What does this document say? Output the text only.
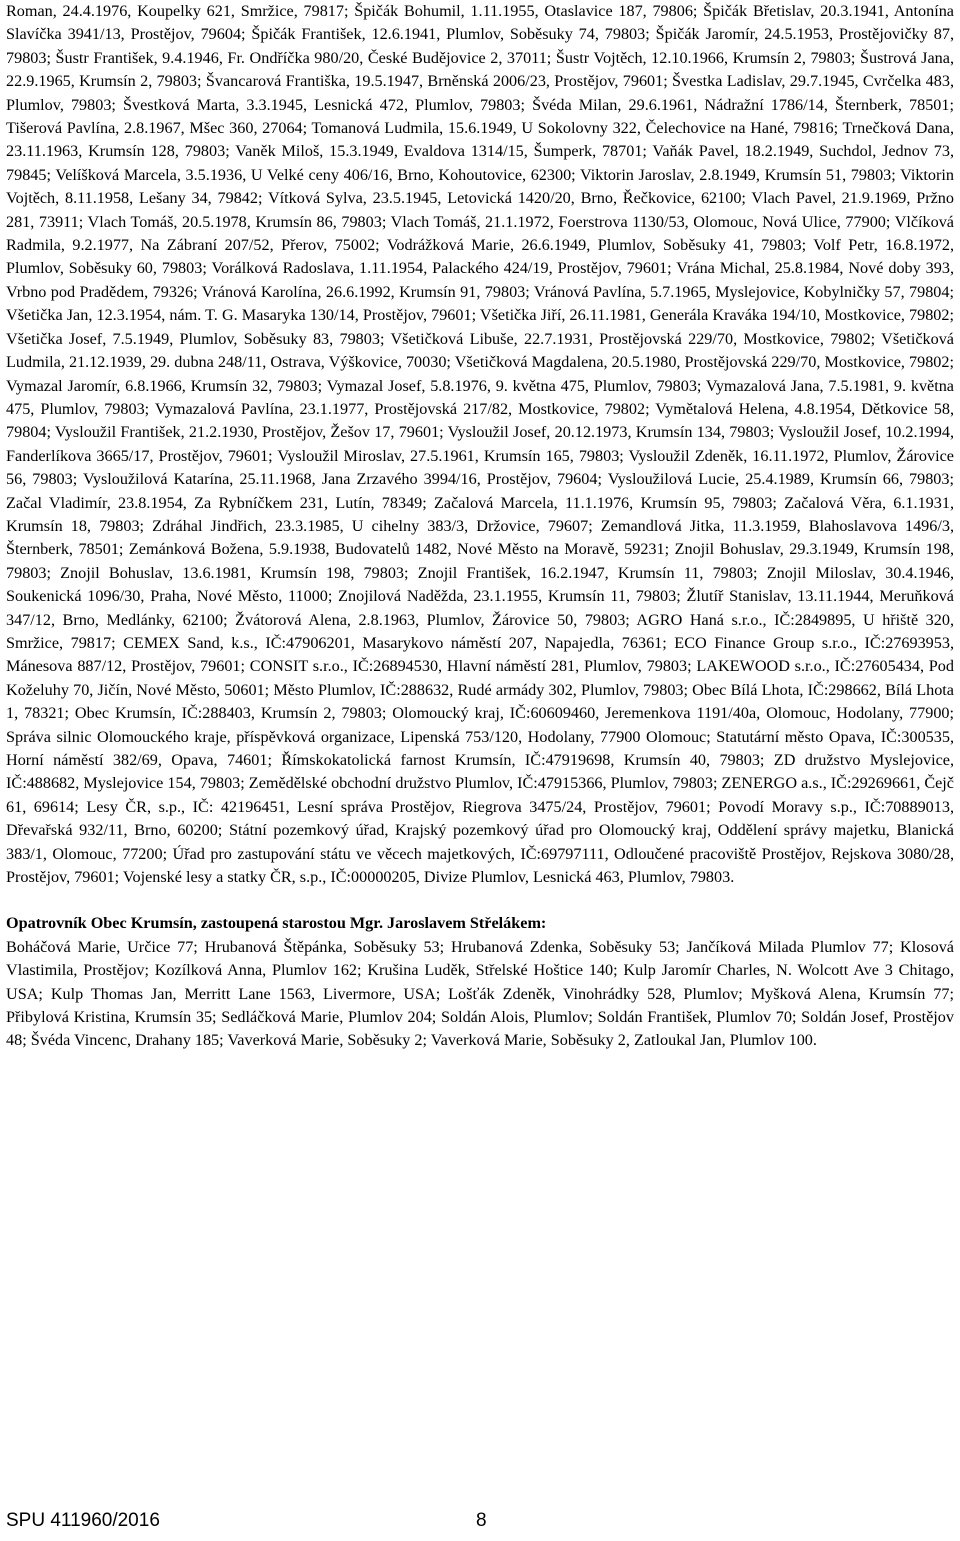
Roman, 24.4.1976, Koupelky 621, Smržice, 79817; Špičák Bohumil, 1.11.1955, Otaslavice 187, 79806; Špičák Břetislav, 20.3.1941, Antonína Slavíčka 3941/13, Prostějov, 79604; Špičák František, 12.6.1941, Plumlov, Soběsuky 74, 79803; Špičák Jaromír, 24.5.1953, Prostějovičky 87, 79803; Šustr František, 9.4.1946, Fr. Ondříčka 980/20, České Budějovice 2, 37011; Šustr Vojtěch, 12.10.1966, Krumsín 2, 79803; Šustrová Jana, 22.9.1965, Krumsín 2, 79803; Švancarová Františka, 19.5.1947, Brněnská 2006/23, Prostějov, 79601; Švestka Ladislav, 29.7.1945, Cvrčelka 483, Plumlov, 79803; Švestková Marta, 3.3.1945, Lesnická 472, Plumlov, 79803; Švéda Milan, 29.6.1961, Nádražní 1786/14, Šternberk, 78501; Tišerová Pavlína, 2.8.1967, Mšec 360, 27064; Tomanová Ludmila, 15.6.1949, U Sokolovny 322, Čelechovice na Hané, 79816; Trnečková Dana, 23.11.1963, Krumsín 128, 79803; Vaněk Miloš, 15.3.1949, Evaldova 1314/15, Šumperk, 78701; Vaňák Pavel, 18.2.1949, Suchdol, Jednov 73, 79845; Velíšková Marcela, 3.5.1936, U Velké ceny 406/16, Brno, Kohoutovice, 62300; Viktorin Jaroslav, 2.8.1949, Krumsín 51, 79803; Viktorin Vojtěch, 8.11.1958, Lešany 34, 79842; Vítková Sylva, 23.5.1945, Letovická 1420/20, Brno, Řečkovice, 62100; Vlach Pavel, 21.9.1969, Pržno 281, 73911; Vlach Tomáš, 20.5.1978, Krumsín 86, 79803; Vlach Tomáš, 21.1.1972, Foerstrova 1130/53, Olomouc, Nová Ulice, 77900; Vlčíková Radmila, 9.2.1977, Na Zábraní 207/52, Přerov, 75002; Vodrážková Marie, 26.6.1949, Plumlov, Soběsuky 41, 79803; Volf Petr, 16.8.1972, Plumlov, Soběsuky 60, 79803; Vorálková Radoslava, 1.11.1954, Palackého 424/19, Prostějov, 79601; Vrána Michal, 25.8.1984, Nové doby 393, Vrbno pod Pradědem, 79326; Vránová Karolína, 26.6.1992, Krumsín 91, 79803; Vránová Pavlína, 5.7.1965, Myslejovice, Kobylničky 57, 79804; Všetička Jan, 12.3.1954, nám. T. G. Masaryka 130/14, Prostějov, 79601; Všetička Jiří, 26.11.1981, Generála Kraváka 194/10, Mostkovice, 79802; Všetička Josef, 7.5.1949, Plumlov, Soběsuky 83, 79803; Všetičková Libuše, 22.7.1931, Prostějovská 229/70, Mostkovice, 79802; Všetičková Ludmila, 21.12.1939, 29. dubna 248/11, Ostrava, Výškovice, 70030; Všetičková Magdalena, 20.5.1980, Prostějovská 229/70, Mostkovice, 79802; Vymazal Jaromír, 6.8.1966, Krumsín 32, 79803; Vymazal Josef, 5.8.1976, 9. května 475, Plumlov, 79803; Vymazalová Jana, 7.5.1981, 9. května 475, Plumlov, 79803; Vymazalová Pavlína, 23.1.1977, Prostějovská 217/82, Mostkovice, 79802; Vymětalová Helena, 4.8.1954, Dětkovice 58, 79804; Vysloužil František, 21.2.1930, Prostějov, Žešov 17, 79601; Vysloužil Josef, 20.12.1973, Krumsín 134, 79803; Vysloužil Josef, 10.2.1994, Fanderlíkova 3665/17, Prostějov, 79601; Vysloužil Miroslav, 27.5.1961, Krumsín 165, 79803; Vysloužil Zdeněk, 16.11.1972, Plumlov, Žárovice 56, 79803; Vysloužilová Katarína, 25.11.1968, Jana Zrzavého 3994/16, Prostějov, 79604; Vysloužilová Lucie, 25.4.1989, Krumsín 66, 79803; Začal Vladimír, 23.8.1954, Za Rybníčkem 231, Lutín, 78349; Začalová Marcela, 11.1.1976, Krumsín 95, 79803; Začalová Věra, 6.1.1931, Krumsín 18, 79803; Zdráhal Jindřich, 23.3.1985, U cihelny 383/3, Držovice, 79607; Zemandlová Jitka, 11.3.1959, Blahoslavova 1496/3, Šternberk, 78501; Zemánková Božena, 5.9.1938, Budovatelů 1482, Nové Město na Moravě, 59231; Znojil Bohuslav, 29.3.1949, Krumsín 198, 79803; Znojil Bohuslav, 13.6.1981, Krumsín 198, 79803; Znojil František, 16.2.1947, Krumsín 11, 79803; Znojil Miloslav, 30.4.1946, Soukenická 1096/30, Praha, Nové Město, 11000; Znojilová Naděžda, 23.1.1955, Krumsín 11, 79803; Žlutíř Stanislav, 13.11.1944, Meruňková 347/12, Brno, Medlánky, 62100; Žvátorová Alena, 2.8.1963, Plumlov, Žárovice 50, 79803; AGRO Haná s.r.o., IČ:2849895, U hřiště 320, Smržice, 79817; CEMEX Sand, k.s., IČ:47906201, Masarykovo náměstí 207, Napajedla, 76361; ECO Finance Group s.r.o., IČ:27693953, Mánesova 887/12, Prostějov, 79601; CONSIT s.r.o., IČ:26894530, Hlavní náměstí 281, Plumlov, 79803; LAKEWOOD s.r.o., IČ:27605434, Pod Koželuhy 70, Jičín, Nové Město, 50601; Město Plumlov, IČ:288632, Rudé armády 302, Plumlov, 79803; Obec Bílá Lhota, IČ:298662, Bílá Lhota 1, 78321; Obec Krumsín, IČ:288403, Krumsín 2, 79803; Olomoucký kraj, IČ:60609460, Jeremenkova 1191/40a, Olomouc, Hodolany, 77900; Správa silnic Olomouckého kraje, příspěvková organizace, Lipenská 753/120, Hodolany, 77900 Olomouc; Statutární město Opava, IČ:300535, Horní náměstí 382/69, Opava, 74601; Římskokatolická farnost Krumsín, IČ:47919698, Krumsín 40, 79803; ZD družstvo Myslejovice, IČ:488682, Myslejovice 154, 79803; Zemědělské obchodní družstvo Plumlov, IČ:47915366, Plumlov, 79803; ZENERGO a.s., IČ:29269661, Čejč 61, 69614; Lesy ČR, s.p., IČ: 42196451, Lesní správa Prostějov, Riegrova 3475/24, Prostějov, 79601; Povodí Moravy s.p., IČ:70889013, Dřevařská 932/11, Brno, 60200; Státní pozemkový úřad, Krajský pozemkový úřad pro Olomoucký kraj, Oddělení správy majetku, Blanická 383/1, Olomouc, 77200; Úřad pro zastupování státu ve věcech majetkových, IČ:69797111, Odloučené pracoviště Prostějov, Rejskova 3080/28, Prostějov, 79601; Vojenské lesy a statky ČR, s.p., IČ:00000205, Divize Plumlov, Lesnická 463, Plumlov, 79803.

Opatrovník Obec Krumsín, zastoupená starostou Mgr. Jaroslavem Střelákem:

Boháčová Marie, Určice 77; Hrubanová Štěpánka, Soběsuky 53; Hrubanová Zdenka, Soběsuky 53; Jančíková Milada Plumlov 77; Klosová Vlastimila, Prostějov; Kozílková Anna, Plumlov 162; Krušina Luděk, Střelské Hoštice 140; Kulp Jaromír Charles, N. Wolcott Ave 3 Chitago, USA; Kulp Thomas Jan, Merritt Lane 1563, Livermore, USA; Lošťák Zdeněk, Vinohrádky 528, Plumlov; Myšková Alena, Krumsín 77; Přibylová Kristina, Krumsín 35; Sedláčková Marie, Plumlov 204; Soldán Alois, Plumlov; Soldán František, Plumlov 70; Soldán Josef, Prostějov 48; Švéda Vincenc, Drahany 185; Vaverková Marie, Soběsuky 2; Vaverková Marie, Soběsuky 2, Zatloukal Jan, Plumlov 100.

SPU 411960/2016	8
